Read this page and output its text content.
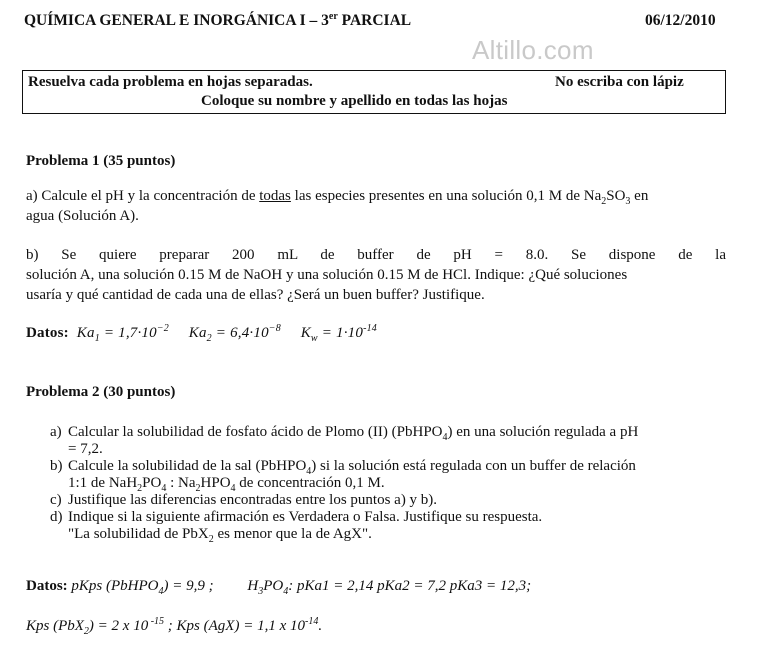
QUÍMICA GENERAL E INORGÁNICA I – 3er PARCIAL	06/12/2010
Altillo.com
Resuelva cada problema en hojas separadas.	No escriba con lápiz
Coloque su nombre y apellido en todas las hojas
Problema 1 (35 puntos)
a) Calcule el pH y la concentración de todas las especies presentes en una solución 0,1 M de $Na_2SO_3$ en
agua (Solución A).
b) Se quiere preparar 200 mL de buffer de pH = 8.0. Se dispone de la
solución A, una solución 0.15 M de NaOH y una solución 0.15 M de HCl. Indique: ¿Qué soluciones
usaría y qué cantidad de cada una de ellas? ¿Será un buen buffer? Justifique.
Datos: $Ka_1 = 1,7\cdot 10^{-2}$ $Ka_2 = 6,4\cdot 10^{-8}$ $K_w = 1\cdot 10^{-14}$
Problema 2 (30 puntos)
a) Calcular la solubilidad de fosfato ácido de Plomo (II) (PbHPO$_4$) en una solución regulada a pH
= 7,2.
b) Calcule la solubilidad de la sal (PbHPO$_4$) si la solución está regulada con un buffer de relación
1:1 de $NaH_2PO_4$ : $Na_2HPO_4$ de concentración 0,1 M.
c) Justifique las diferencias encontradas entre los puntos a) y b).
d) Indique si la siguiente afirmación es Verdadera o Falsa. Justifique su respuesta.
"La solubilidad de PbX$_2$ es menor que la de AgX".
Datos: pKps (PbHPO$_4$) = 9,9 ; $H_3PO_4$: pKa1 = 2,14 pKa2 = 7,2 pKa3 = 12,3;
Kps (PbX$_2$) = 2 x 10 $^{-15}$ ; Kps (AgX) = 1,1 x $10^{-14}$.
